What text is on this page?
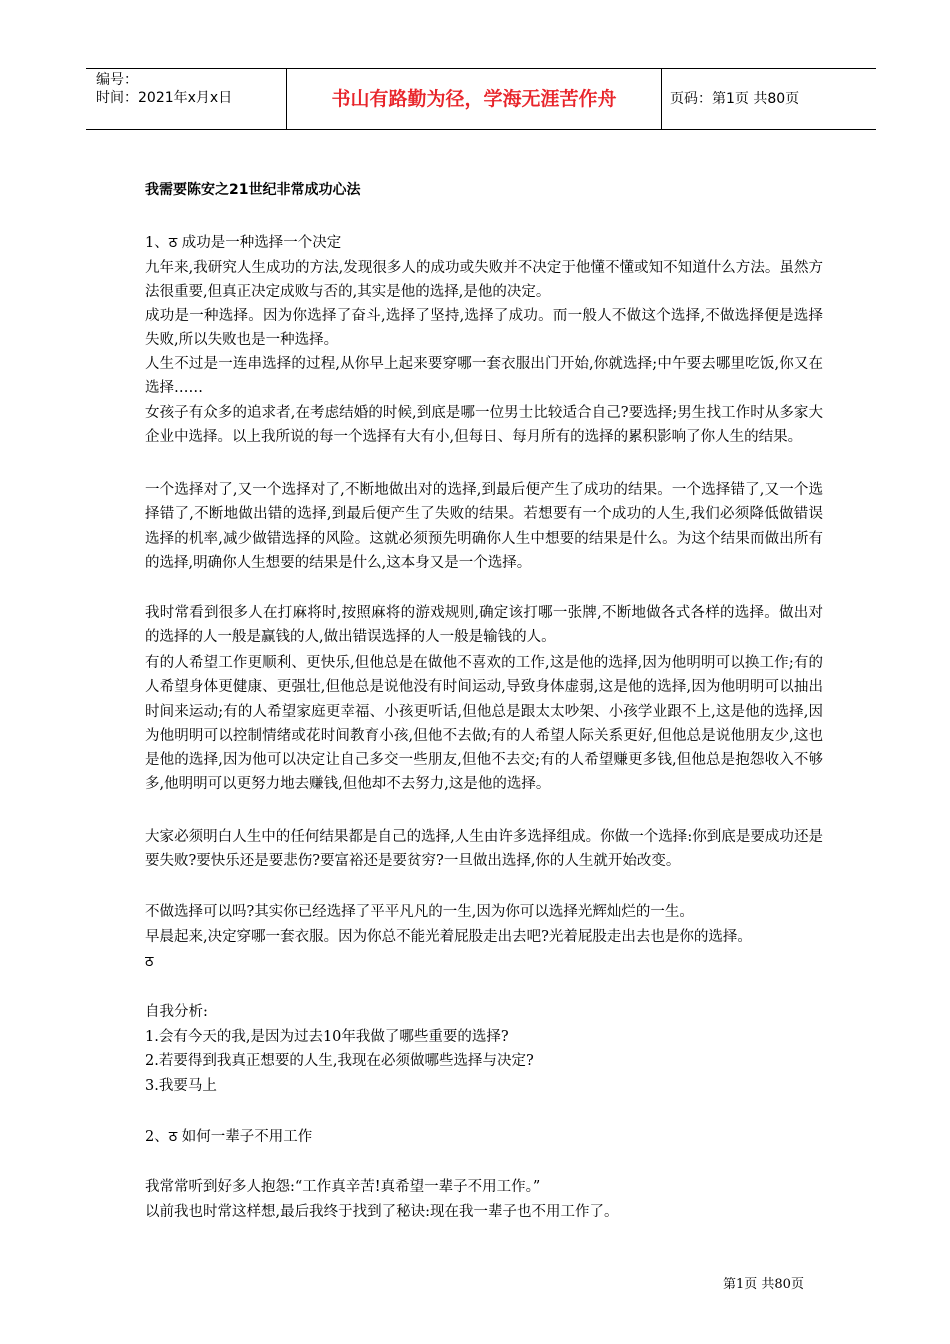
编号：
时间：2021年x月x日	书山有路勤为径，学海无涯苦作舟	页码：第1页 共80页
我需要陈安之21世纪非常成功心法
1、ठ 成功是一种选择一个决定
九年来,我研究人生成功的方法,发现很多人的成功或失败并不决定于他懂不懂或知不知道什么方法。虽然方法很重要,但真正决定成败与否的,其实是他的选择,是他的决定。
成功是一种选择。因为你选择了奋斗,选择了坚持,选择了成功。而一般人不做这个选择,不做选择便是选择失败,所以失败也是一种选择。
人生不过是一连串选择的过程,从你早上起来要穿哪一套衣服出门开始,你就选择;中午要去哪里吃饭,你又在选择……
女孩子有众多的追求者,在考虑结婚的时候,到底是哪一位男士比较适合自己?要选择;男生找工作时从多家大企业中选择。以上我所说的每一个选择有大有小,但每日、每月所有的选择的累积影响了你人生的结果。
一个选择对了,又一个选择对了,不断地做出对的选择,到最后便产生了成功的结果。一个选择错了,又一个选择错了,不断地做出错的选择,到最后便产生了失败的结果。若想要有一个成功的人生,我们必须降低做错误选择的机率,减少做错选择的风险。这就必须预先明确你人生中想要的结果是什么。为这个结果而做出所有的选择,明确你人生想要的结果是什么,这本身又是一个选择。
我时常看到很多人在打麻将时,按照麻将的游戏规则,确定该打哪一张牌,不断地做各式各样的选择。做出对的选择的人一般是赢钱的人,做出错误选择的人一般是输钱的人。
有的人希望工作更顺利、更快乐,但他总是在做他不喜欢的工作,这是他的选择,因为他明明可以换工作;有的人希望身体更健康、更强壮,但他总是说他没有时间运动,导致身体虚弱,这是他的选择,因为他明明可以抽出时间来运动;有的人希望家庭更幸福、小孩更听话,但他总是跟太太吵架、小孩学业跟不上,这是他的选择,因为他明明可以控制情绪或花时间教育小孩,但他不去做;有的人希望人际关系更好,但他总是说他朋友少,这也是他的选择,因为他可以决定让自己多交一些朋友,但他不去交;有的人希望赚更多钱,但他总是抱怨收入不够多,他明明可以更努力地去赚钱,但他却不去努力,这是他的选择。
大家必须明白人生中的任何结果都是自己的选择,人生由许多选择组成。你做一个选择:你到底是要成功还是要失败?要快乐还是要悲伤?要富裕还是要贫穷?一旦做出选择,你的人生就开始改变。
不做选择可以吗?其实你已经选择了平平凡凡的一生,因为你可以选择光辉灿烂的一生。
早晨起来,决定穿哪一套衣服。因为你总不能光着屁股走出去吧?光着屁股走出去也是你的选择。
ठ
自我分析:
1.会有今天的我,是因为过去10年我做了哪些重要的选择?
2.若要得到我真正想要的人生,我现在必须做哪些选择与决定?
3.我要马上
2、ठ 如何一辈子不用工作
我常常听到好多人抱怨:“工作真辛苦!真希望一辈子不用工作。”
以前我也时常这样想,最后我终于找到了秘诀:现在我一辈子也不用工作了。
第1页 共80页
